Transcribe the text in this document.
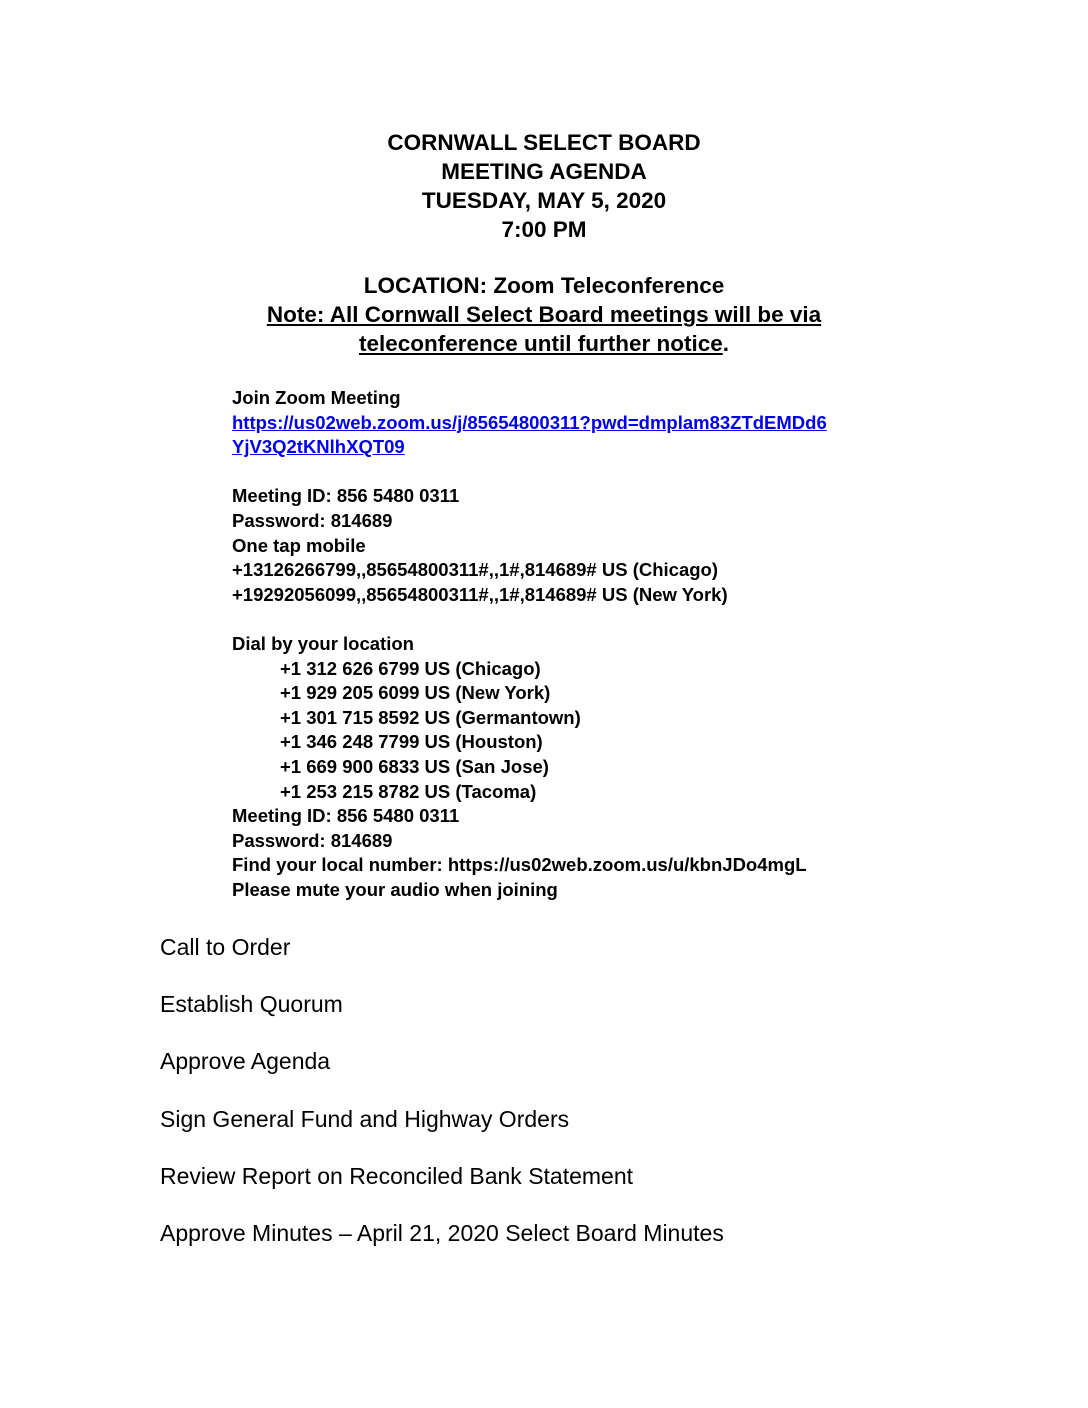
CORNWALL SELECT BOARD
MEETING AGENDA
TUESDAY, MAY 5, 2020
7:00 PM
LOCATION: Zoom Teleconference
Note: All Cornwall Select Board meetings will be via
teleconference until further notice.
Join Zoom Meeting
https://us02web.zoom.us/j/85654800311?pwd=dmplam83ZTdEMDd6
YjV3Q2tKNlhXQT09
Meeting ID: 856 5480 0311
Password: 814689
One tap mobile
+13126266799,,85654800311#,,1#,814689# US (Chicago)
+19292056099,,85654800311#,,1#,814689# US (New York)
Dial by your location
+1 312 626 6799 US (Chicago)
+1 929 205 6099 US (New York)
+1 301 715 8592 US (Germantown)
+1 346 248 7799 US (Houston)
+1 669 900 6833 US (San Jose)
+1 253 215 8782 US (Tacoma)
Meeting ID: 856 5480 0311
Password: 814689
Find your local number: https://us02web.zoom.us/u/kbnJDo4mgL
Please mute your audio when joining
Call to Order
Establish Quorum
Approve Agenda
Sign General Fund and Highway Orders
Review Report on Reconciled Bank Statement
Approve Minutes – April 21, 2020 Select Board Minutes
